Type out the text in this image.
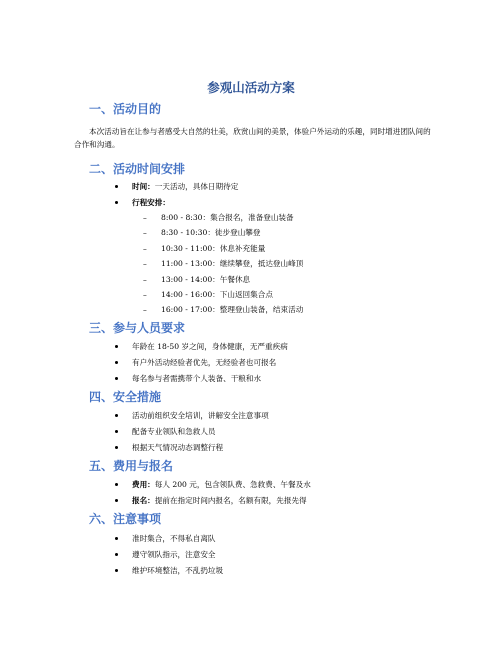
参观山活动方案
一、活动目的
本次活动旨在让参与者感受大自然的壮美，欣赏山间的美景，体验户外运动的乐趣，同时增进团队间的合作和沟通。
二、活动时间安排
时间：一天活动，具体日期待定
行程安排：
– 8:00 - 8:30：集合报名，准备登山装备
– 8:30 - 10:30：徒步登山攀登
– 10:30 - 11:00：休息补充能量
– 11:00 - 13:00：继续攀登，抵达登山峰顶
– 13:00 - 14:00：午餐休息
– 14:00 - 16:00：下山返回集合点
– 16:00 - 17:00：整理登山装备，结束活动
三、参与人员要求
年龄在 18-50 岁之间，身体健康，无严重疾病
有户外活动经验者优先，无经验者也可报名
每名参与者需携带个人装备、干粮和水
四、安全措施
活动前组织安全培训，讲解安全注意事项
配备专业领队和急救人员
根据天气情况动态调整行程
五、费用与报名
费用：每人 200 元，包含领队费、急救费、午餐及水
报名：提前在指定时间内报名，名额有限，先报先得
六、注意事项
准时集合，不得私自离队
遵守领队指示，注意安全
维护环境整洁，不乱扔垃圾
